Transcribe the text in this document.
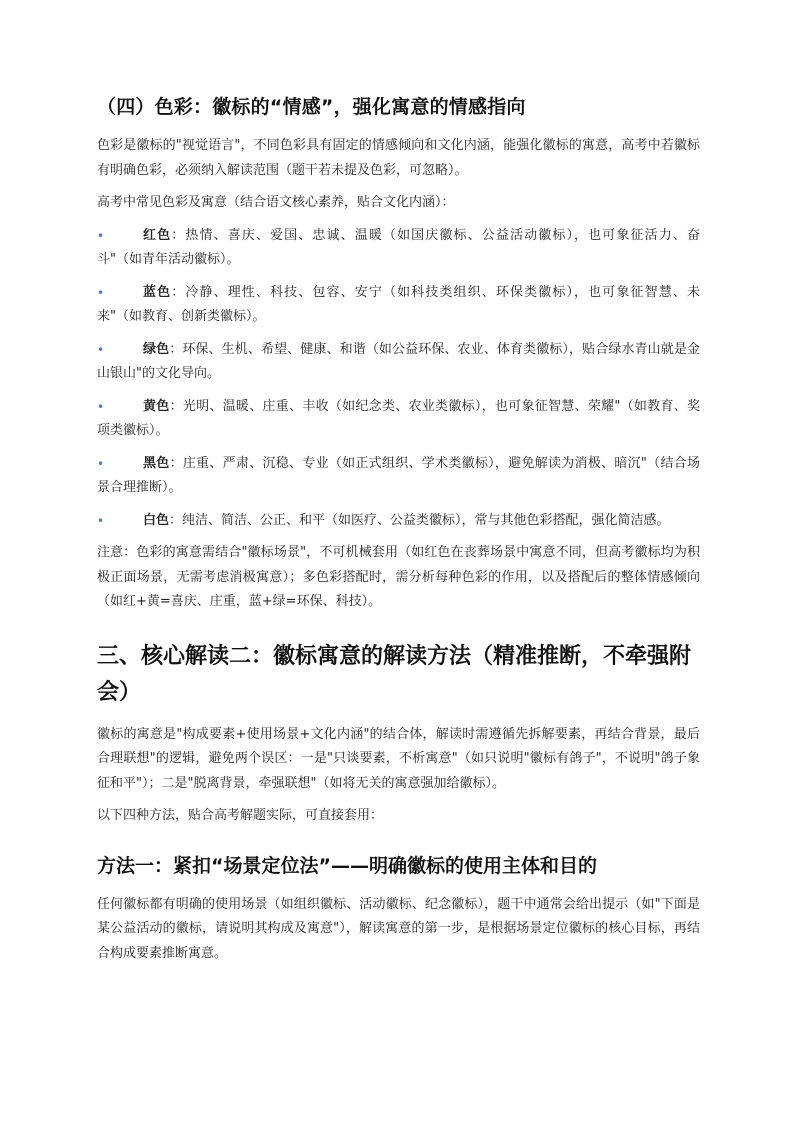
（四）色彩：徽标的“情感”，强化寓意的情感指向

色彩是徽标的"视觉语言"，不同色彩具有固定的情感倾向和文化内涵，能强化徽标的寓意，高考中若徽标有明确色彩，必须纳入解读范围（题干若未提及色彩，可忽略）。

高考中常见色彩及寓意（结合语文核心素养，贴合文化内涵）：

•	红色：热情、喜庆、爱国、忠诚、温暖（如国庆徽标、公益活动徽标），也可象征活力、奋斗"（如青年活动徽标）。
•	蓝色：冷静、理性、科技、包容、安宁（如科技类组织、环保类徽标），也可象征智慧、未来"（如教育、创新类徽标）。
•	绿色：环保、生机、希望、健康、和谐（如公益环保、农业、体育类徽标），贴合绿水青山就是金山银山"的文化导向。
•	黄色：光明、温暖、庄重、丰收（如纪念类、农业类徽标），也可象征智慧、荣耀"（如教育、奖项类徽标）。
•	黑色：庄重、严肃、沉稳、专业（如正式组织、学术类徽标），避免解读为消极、暗沉"（结合场景合理推断）。
•	白色：纯洁、简洁、公正、和平（如医疗、公益类徽标），常与其他色彩搭配，强化简洁感。

注意：色彩的寓意需结合"徽标场景"，不可机械套用（如红色在丧葬场景中寓意不同，但高考徽标均为积极正面场景，无需考虑消极寓意）；多色彩搭配时，需分析每种色彩的作用，以及搭配后的整体情感倾向（如红+黄=喜庆、庄重，蓝+绿=环保、科技）。

三、核心解读二：徽标寓意的解读方法（精准推断，不牵强附会）

徽标的寓意是"构成要素+使用场景+文化内涵"的结合体，解读时需遵循先拆解要素，再结合背景，最后合理联想"的逻辑，避免两个误区：一是"只谈要素，不析寓意"（如只说明"徽标有鸽子"，不说明"鸽子象征和平"）；二是"脱离背景，牵强联想"（如将无关的寓意强加给徽标）。

以下四种方法，贴合高考解题实际，可直接套用：

方法一：紧扣“场景定位法”——明确徽标的使用主体和目的

任何徽标都有明确的使用场景（如组织徽标、活动徽标、纪念徽标），题干中通常会给出提示（如"下面是某公益活动的徽标，请说明其构成及寓意"），解读寓意的第一步，是根据场景定位徽标的核心目标，再结合构成要素推断寓意。
